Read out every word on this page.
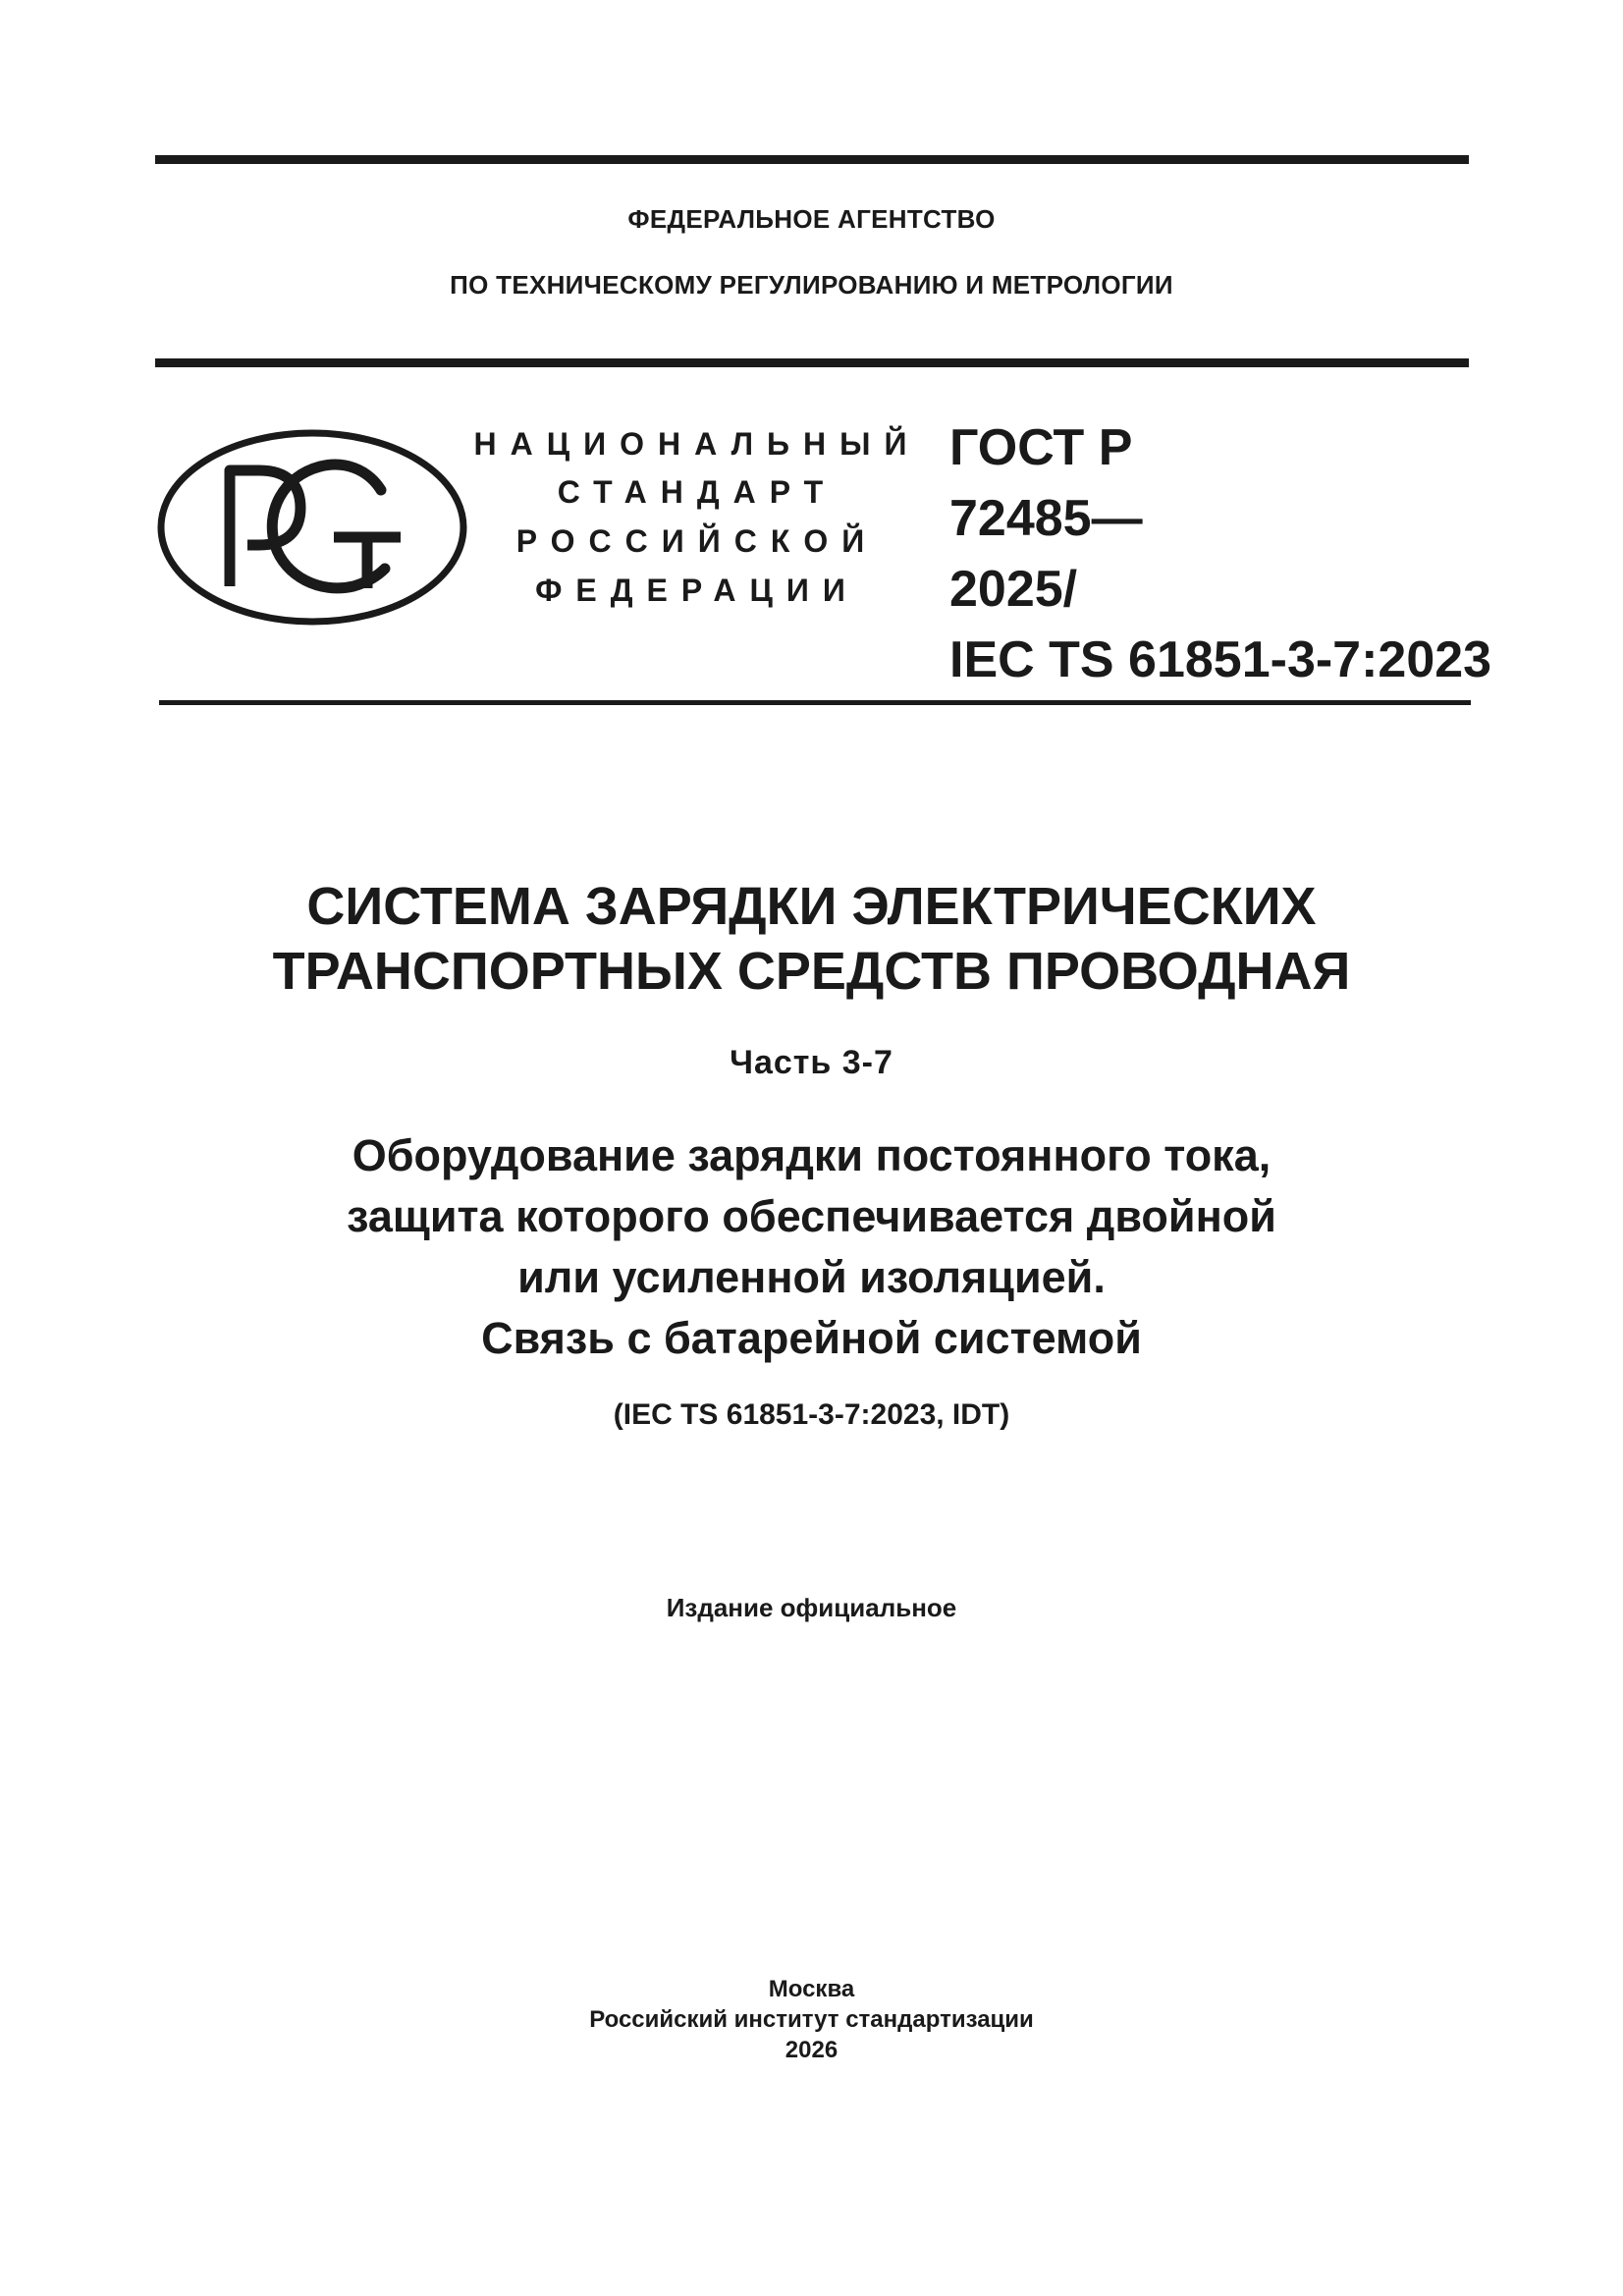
ФЕДЕРАЛЬНОЕ АГЕНТСТВО
ПО ТЕХНИЧЕСКОМУ РЕГУЛИРОВАНИЮ И МЕТРОЛОГИИ
НАЦИОНАЛЬНЫЙ
СТАНДАРТ
РОССИЙСКОЙ
ФЕДЕРАЦИИ
ГОСТ Р
72485—
2025/
IEC TS 61851-3-7:2023
СИСТЕМА ЗАРЯДКИ ЭЛЕКТРИЧЕСКИХ
ТРАНСПОРТНЫХ СРЕДСТВ ПРОВОДНАЯ
Часть 3-7
Оборудование зарядки постоянного тока,
защита которого обеспечивается двойной
или усиленной изоляцией.
Связь с батарейной системой
(IEC TS 61851-3-7:2023, IDT)
Издание официальное
Москва
Российский институт стандартизации
2026
